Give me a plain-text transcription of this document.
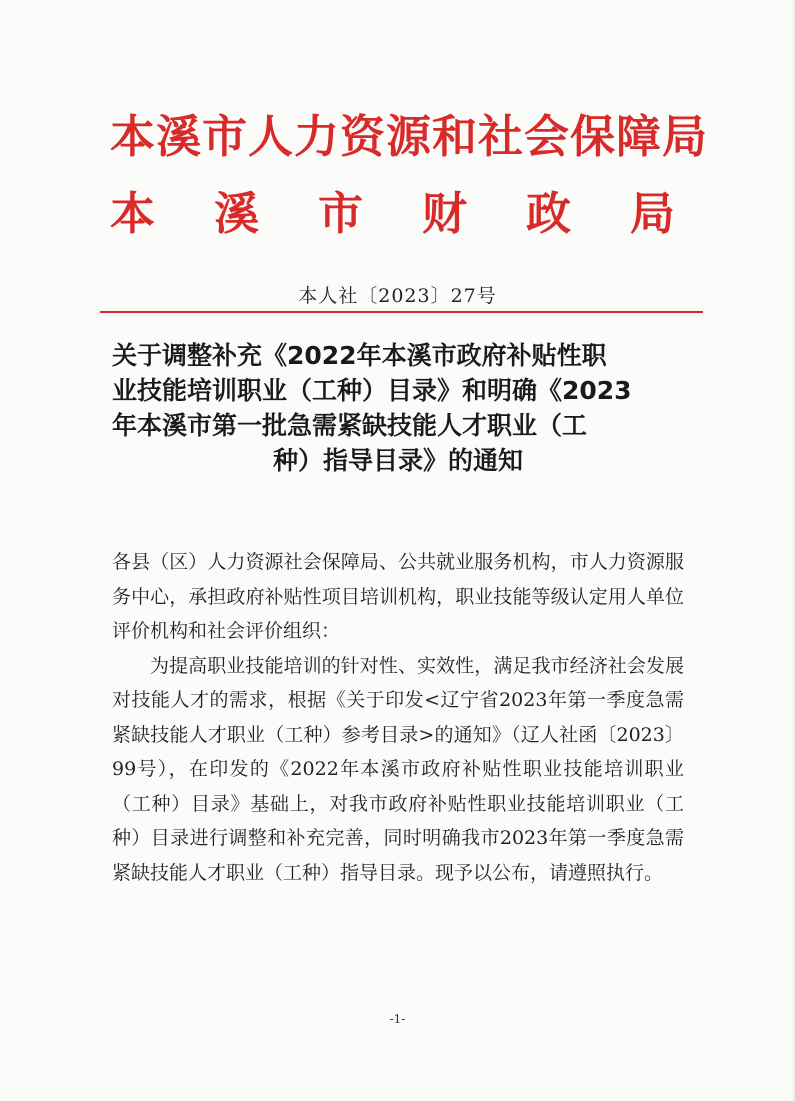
本溪市人力资源和社会保障局
本 溪 市 财 政 局
本人社〔2023〕27号
关于调整补充《2022年本溪市政府补贴性职
业技能培训职业（工种）目录》和明确《2023
年本溪市第一批急需紧缺技能人才职业（工
种）指导目录》的通知

各县（区）人力资源社会保障局、公共就业服务机构，市人力资源服务中心，承担政府补贴性项目培训机构，职业技能等级认定用人单位评价机构和社会评价组织：

为提高职业技能培训的针对性、实效性，满足我市经济社会发展对技能人才的需求，根据《关于印发<辽宁省2023年第一季度急需紧缺技能人才职业（工种）参考目录>的通知》（辽人社函〔2023〕99号），在印发的《2022年本溪市政府补贴性职业技能培训职业（工种）目录》基础上，对我市政府补贴性职业技能培训职业（工种）目录进行调整和补充完善，同时明确我市2023年第一季度急需紧缺技能人才职业（工种）指导目录。现予以公布，请遵照执行。

-1-
